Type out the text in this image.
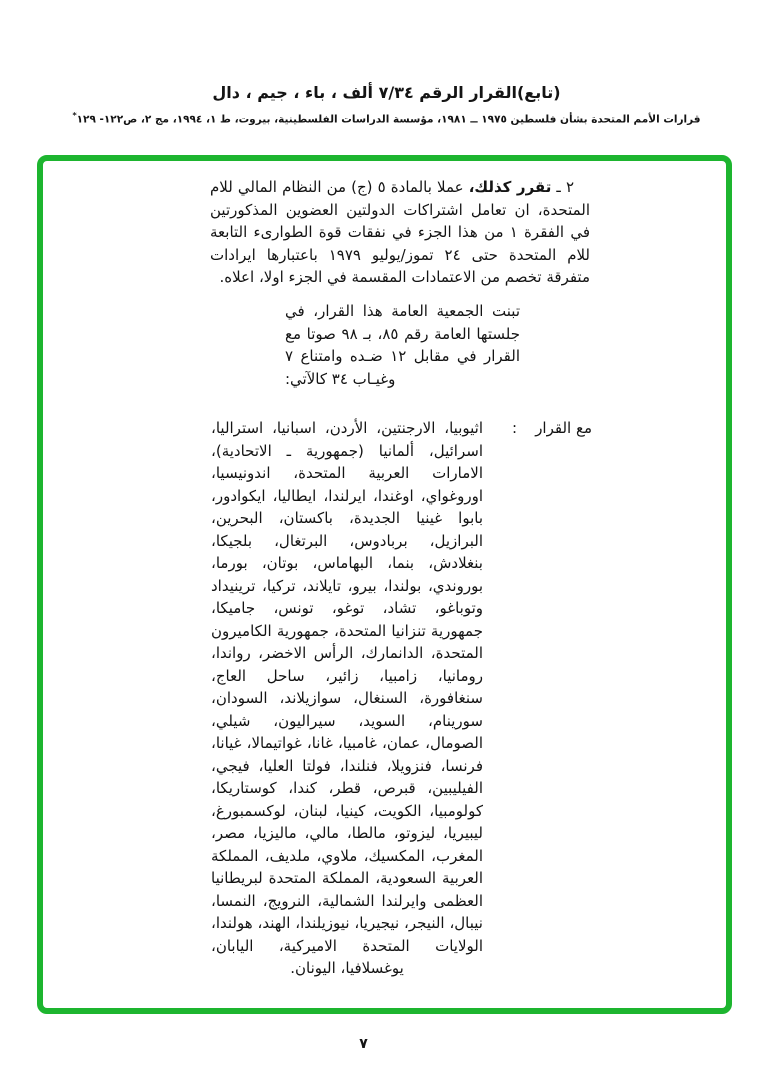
(تابع)القرار الرقم ٧/٣٤ ألف ، باء ، جيم ، دال
قرارات الأمم المتحدة بشأن فلسطين ١٩٧٥ ــ ١٩٨١، مؤسسة الدراسات الفلسطينية، بيروت، ط ١، ١٩٩٤، مج ٢، ص١٢٢- ١٢٩*
٢ ـ تقرر كذلك، عملا بالمادة ٥ (ج) من النظام المالي للام المتحدة، ان تعامل اشتراكات الدولتين العضوين المذكورتين في الفقرة ١ من هذا الجزء في نفقات قوة الطوارىء التابعة للام المتحدة حتى ٢٤ تموز/يوليو ١٩٧٩ باعتبارها ايرادات متفرقة تخصم من الاعتمادات المقسمة في الجزء اولا، اعلاه.
تبنت الجمعية العامة هذا القرار، في جلستها العامة رقم ٨٥، بـ ٩٨ صوتا مع القرار في مقابل ١٢ ضـده وامتناع ٧ وغيـاب ٣٤ كالآتي:
مع القرار
:
اثيوبيا، الارجنتين، الأردن، اسبانيا، استراليا، اسرائيل، ألمانيا (جمهورية ـ الاتحادية)، الامارات العربية المتحدة، اندونيسيا، اوروغواي، اوغندا، ايرلندا، ايطاليا، ايكوادور، بابوا غينيا الجديدة، باكستان، البحرين، البرازيل، بربادوس، البرتغال، بلجيكا، بنغلادش، بنما، البهاماس، بوتان، بورما، بوروندي، بولندا، بيرو، تايلاند، تركيا، ترينيداد وتوباغو، تشاد، توغو، تونس، جاميكا، جمهورية تنزانيا المتحدة، جمهورية الكاميرون المتحدة، الدانمارك، الرأس الاخضر، رواندا، رومانيا، زامبيا، زائير، ساحل العاج، سنغافورة، السنغال، سوازيلاند، السودان، سورينام، السويد، سيراليون، شيلي، الصومال، عمان، غامبيا، غانا، غواتيمالا، غيانا، فرنسا، فنزويلا، فنلندا، فولتا العليا، فيجي، الفيليبين، قبرص، قطر، كندا، كوستاريكا، كولومبيا، الكويت، كينيا، لبنان، لوكسمبورغ، ليبيريا، ليزوتو، مالطا، مالي، ماليزيا، مصر، المغرب، المكسيك، ملاوي، ملديف، المملكة العربية السعودية، المملكة المتحدة لبريطانيا العظمى وايرلندا الشمالية، النرويج، النمسا، نيبال، النيجر، نيجيريا، نيوزيلندا، الهند، هولندا، الولايات المتحدة الاميركية، اليابان، يوغسلافيا، اليونان.
٧
